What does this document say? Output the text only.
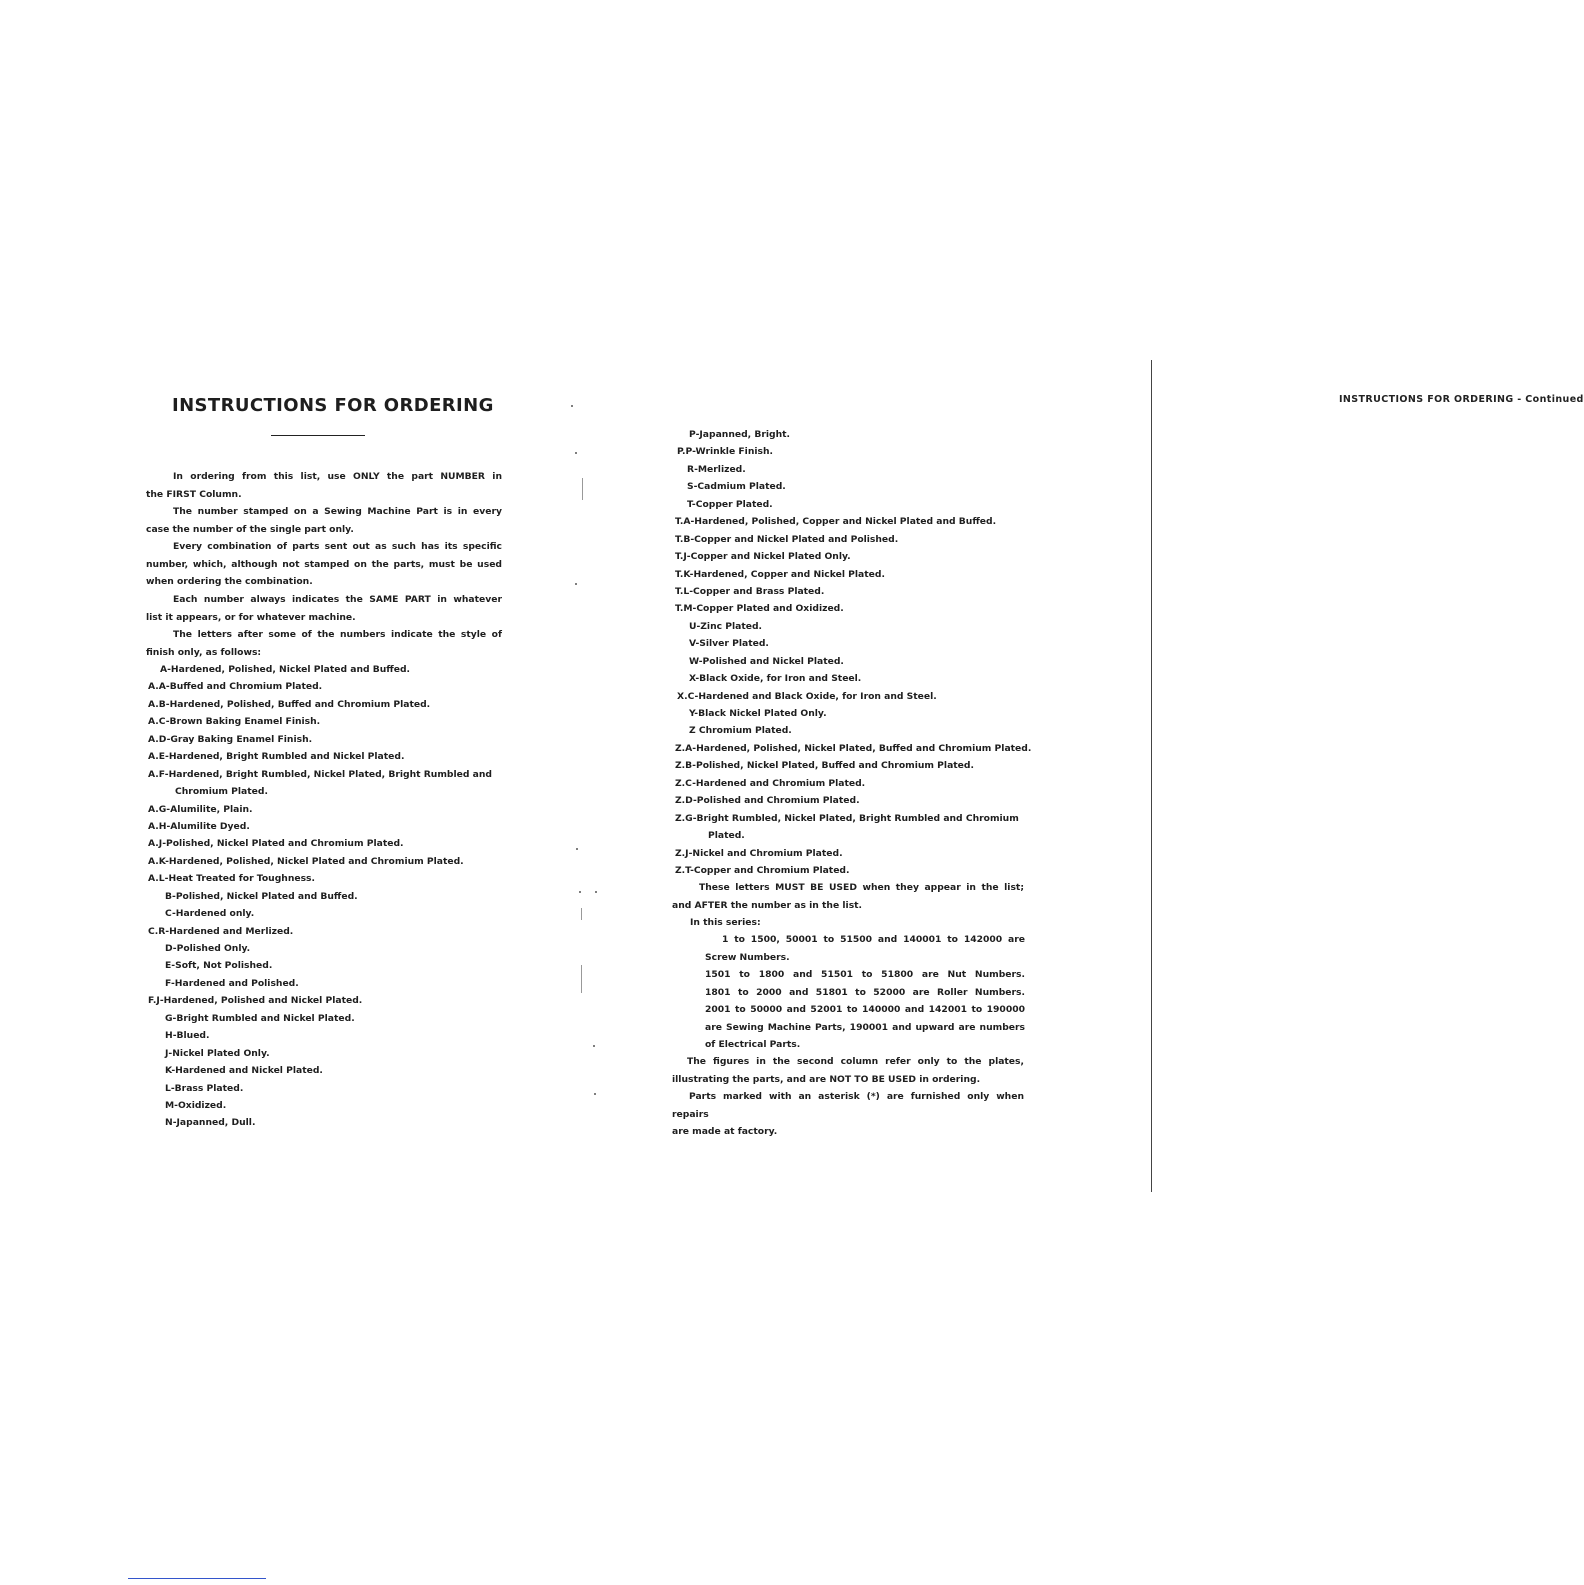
INSTRUCTIONS FOR ORDERING
In ordering from this list, use ONLY the part NUMBER in
the FIRST Column.
The number stamped on a Sewing Machine Part is in every
case the number of the single part only.
Every combination of parts sent out as such has its specific
number, which, although not stamped on the parts, must be used
when ordering the combination.
Each number always indicates the SAME PART in whatever
list it appears, or for whatever machine.
The letters after some of the numbers indicate the style of
finish only, as follows:
A-Hardened, Polished, Nickel Plated and Buffed.
A.A-Buffed and Chromium Plated.
A.B-Hardened, Polished, Buffed and Chromium Plated.
A.C-Brown Baking Enamel Finish.
A.D-Gray Baking Enamel Finish.
A.E-Hardened, Bright Rumbled and Nickel Plated.
A.F-Hardened, Bright Rumbled, Nickel Plated, Bright Rumbled and
Chromium Plated.
A.G-Alumilite, Plain.
A.H-Alumilite Dyed.
A.J-Polished, Nickel Plated and Chromium Plated.
A.K-Hardened, Polished, Nickel Plated and Chromium Plated.
A.L-Heat Treated for Toughness.
B-Polished, Nickel Plated and Buffed.
C-Hardened only.
C.R-Hardened and Merlized.
D-Polished Only.
E-Soft, Not Polished.
F-Hardened and Polished.
F.J-Hardened, Polished and Nickel Plated.
G-Bright Rumbled and Nickel Plated.
H-Blued.
J-Nickel Plated Only.
K-Hardened and Nickel Plated.
L-Brass Plated.
M-Oxidized.
N-Japanned, Dull.
INSTRUCTIONS FOR ORDERING - Continued
P-Japanned, Bright.
P.P-Wrinkle Finish.
R-Merlized.
S-Cadmium Plated.
T-Copper Plated.
T.A-Hardened, Polished, Copper and Nickel Plated and Buffed.
T.B-Copper and Nickel Plated and Polished.
T.J-Copper and Nickel Plated Only.
T.K-Hardened, Copper and Nickel Plated.
T.L-Copper and Brass Plated.
T.M-Copper Plated and Oxidized.
U-Zinc Plated.
V-Silver Plated.
W-Polished and Nickel Plated.
X-Black Oxide, for Iron and Steel.
X.C-Hardened and Black Oxide, for Iron and Steel.
Y-Black Nickel Plated Only.
Z Chromium Plated.
Z.A-Hardened, Polished, Nickel Plated, Buffed and Chromium Plated.
Z.B-Polished, Nickel Plated, Buffed and Chromium Plated.
Z.C-Hardened and Chromium Plated.
Z.D-Polished and Chromium Plated.
Z.G-Bright Rumbled, Nickel Plated, Bright Rumbled and Chromium
Plated.
Z.J-Nickel and Chromium Plated.
Z.T-Copper and Chromium Plated.
These letters MUST BE USED when they appear in the list;
and AFTER the number as in the list.
In this series:
1 to 1500, 50001 to 51500 and 140001 to 142000 are
Screw Numbers.
1501 to 1800 and 51501 to 51800 are Nut Numbers.
1801 to 2000 and 51801 to 52000 are Roller Numbers.
2001 to 50000 and 52001 to 140000 and 142001 to 190000
are Sewing Machine Parts, 190001 and upward are numbers
of Electrical Parts.
The figures in the second column refer only to the plates,
illustrating the parts, and are NOT TO BE USED in ordering.
Parts marked with an asterisk (*) are furnished only when repairs
are made at factory.
